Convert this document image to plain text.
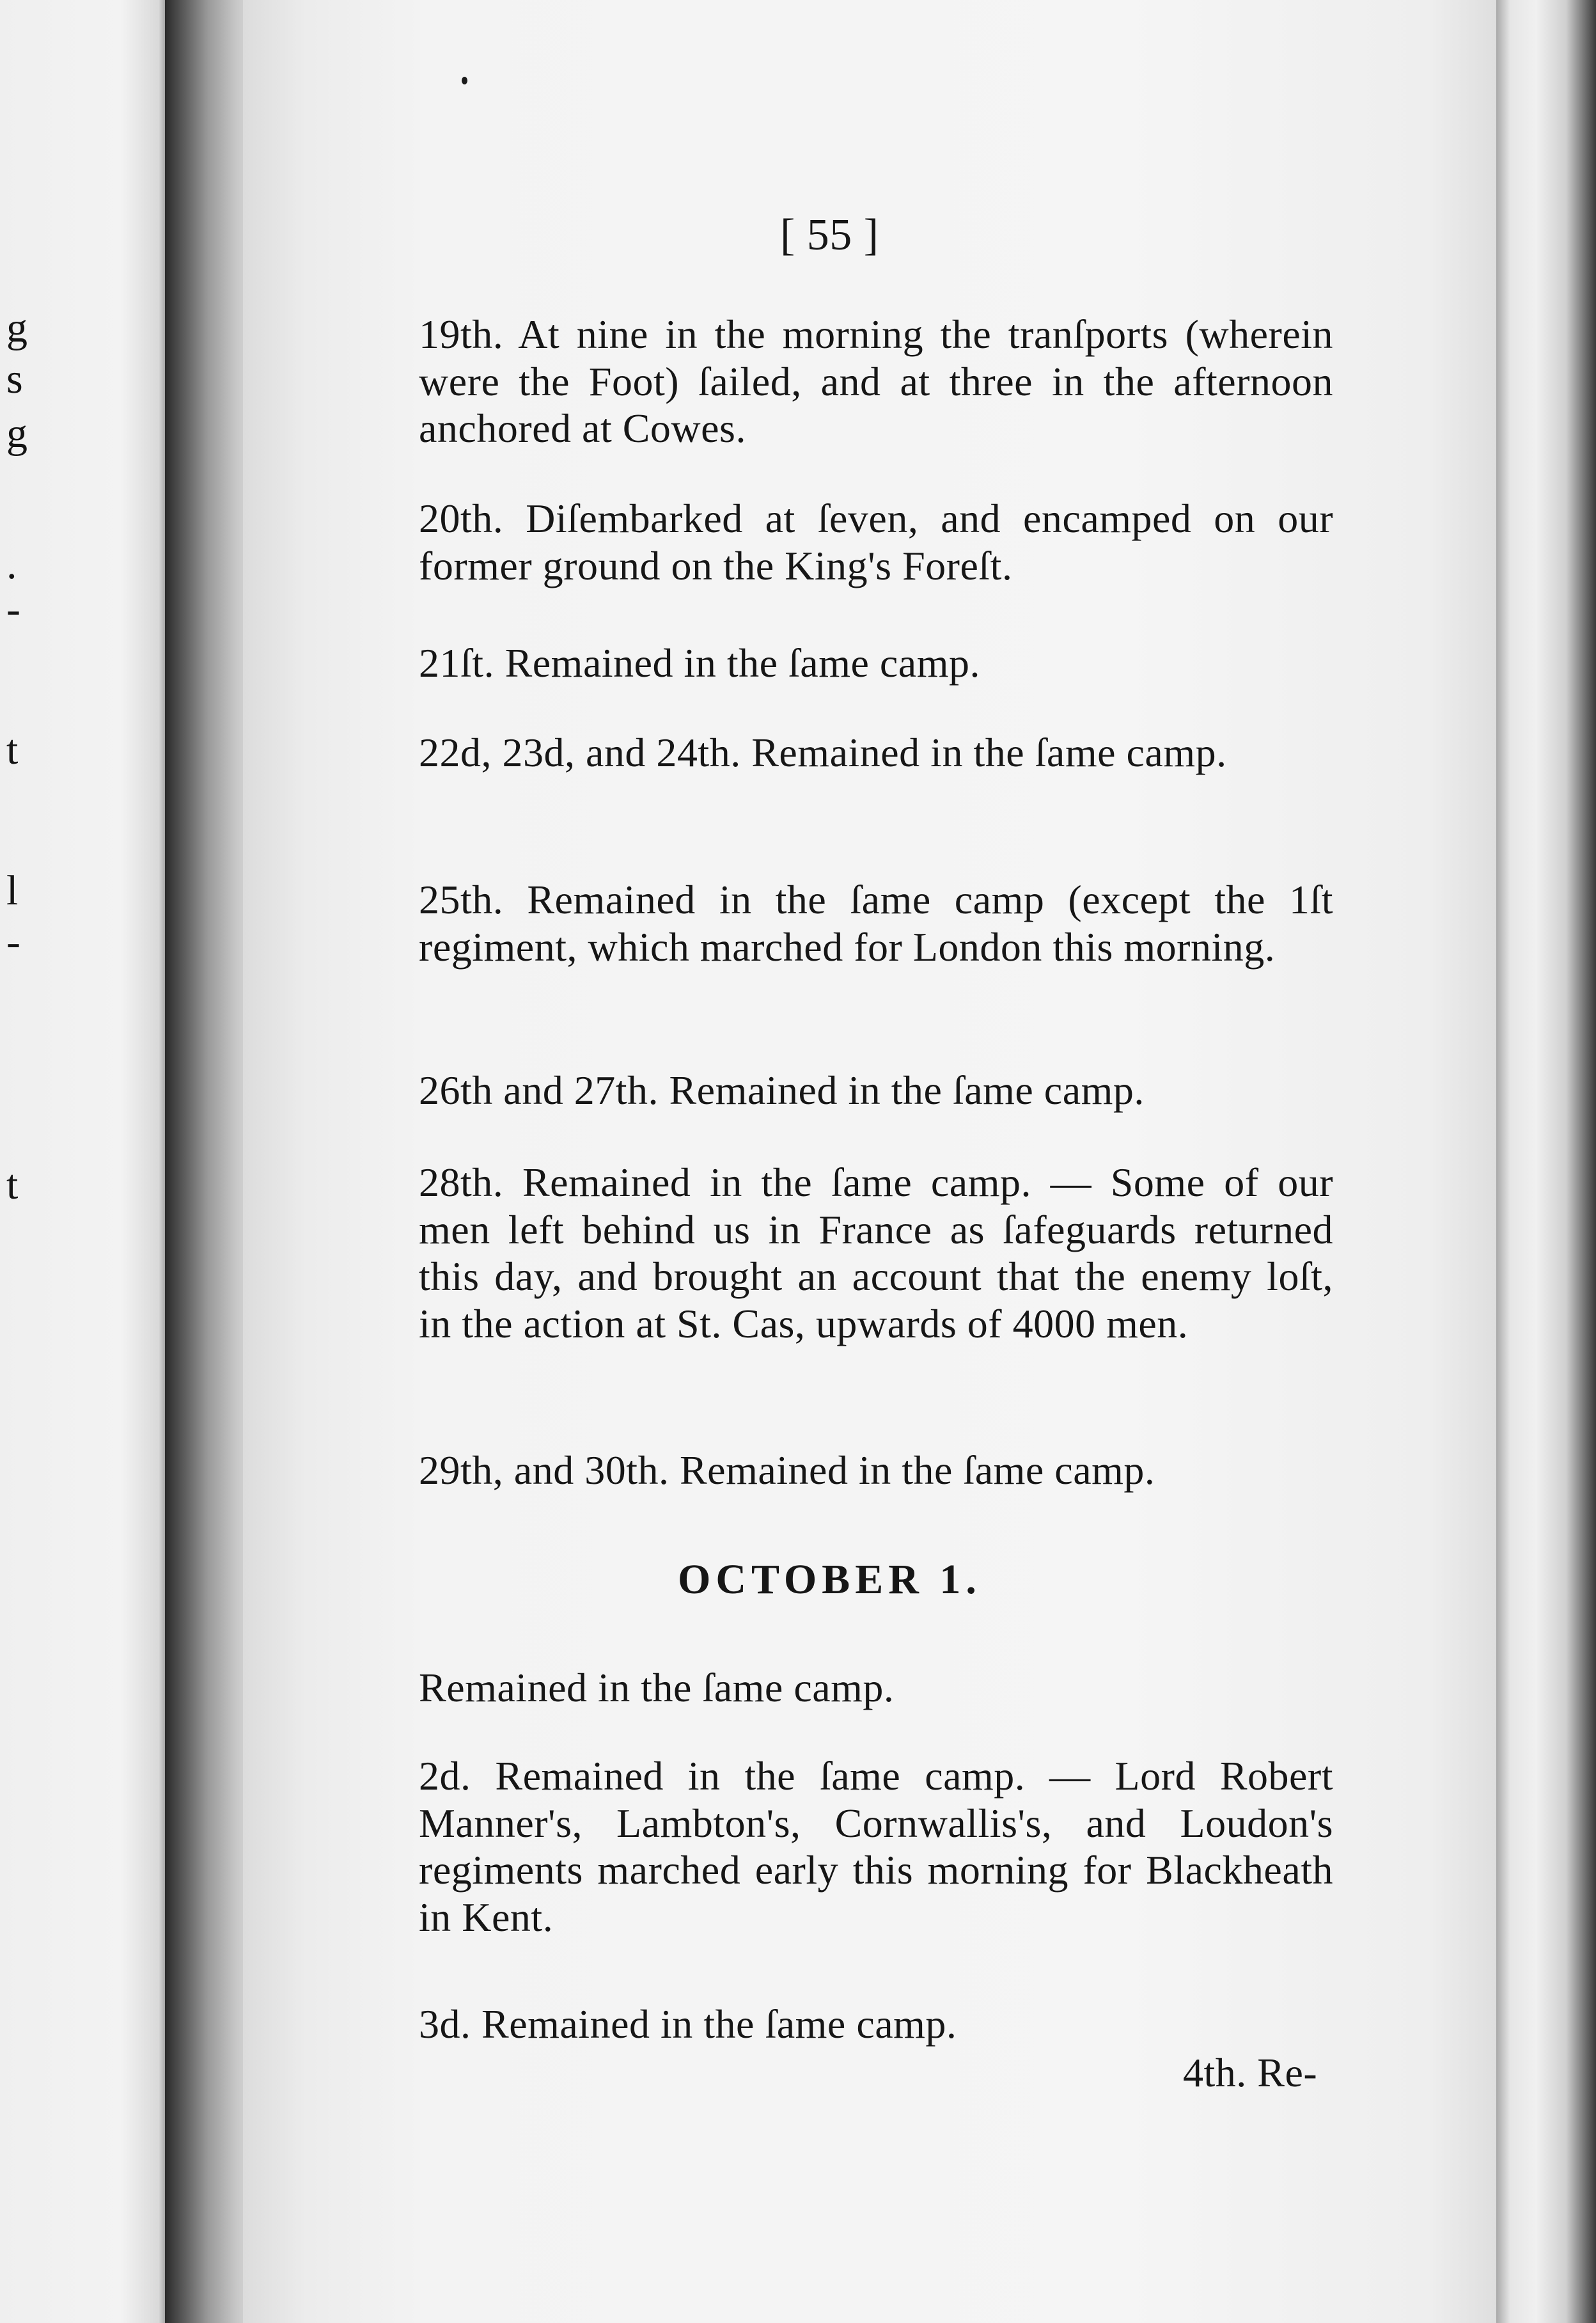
g
s
g
.
-
t
l
-
t
[ 55 ]

19th. At nine in the morning the tranſports (wherein were the Foot) ſailed, and at three in the afternoon anchored at Cowes.

20th. Diſembarked at ſeven, and encamped on our former ground on the King's Foreſt.

21ſt. Remained in the ſame camp.

22d, 23d, and 24th. Remained in the ſame camp.

25th. Remained in the ſame camp (except the 1ſt regiment, which marched for London this morning.

26th and 27th. Remained in the ſame camp.

28th. Remained in the ſame camp. — Some of our men left behind us in France as ſafeguards returned this day, and brought an account that the enemy loſt, in the action at St. Cas, upwards of 4000 men.

29th, and 30th. Remained in the ſame camp.

OCTOBER 1.

Remained in the ſame camp.

2d. Remained in the ſame camp. — Lord Robert Manner's, Lambton's, Cornwallis's, and Loudon's regiments marched early this morning for Blackheath in Kent.

3d. Remained in the ſame camp.

4th. Re-
